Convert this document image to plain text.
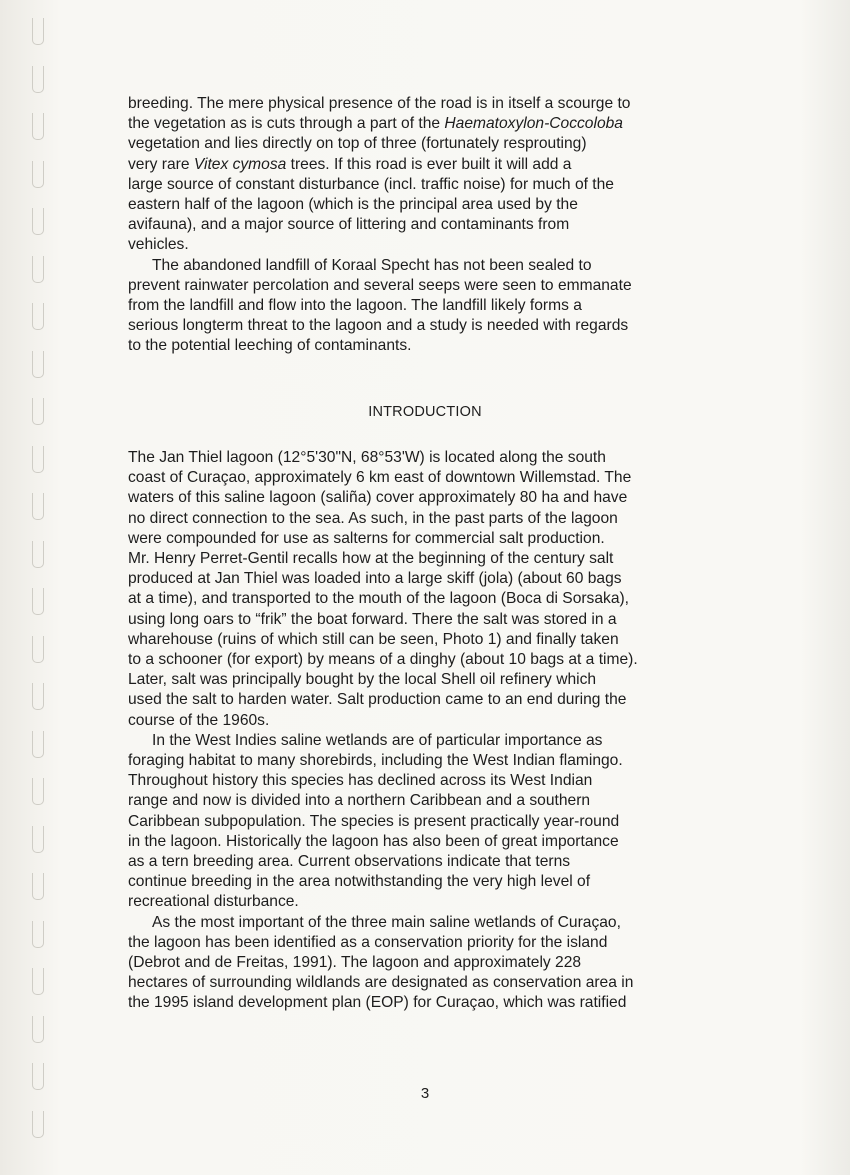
breeding. The mere physical presence of the road is in itself a scourge to
the vegetation as is cuts through a part of the Haematoxylon-Coccoloba
vegetation and lies directly on top of three (fortunately resprouting)
very rare Vitex cymosa trees. If this road is ever built it will add a
large source of constant disturbance (incl. traffic noise) for much of the
eastern half of the lagoon (which is the principal area used by the
avifauna), and a major source of littering and contaminants from
vehicles.
The abandoned landfill of Koraal Specht has not been sealed to
prevent rainwater percolation and several seeps were seen to emmanate
from the landfill and flow into the lagoon. The landfill likely forms a
serious longterm threat to the lagoon and a study is needed with regards
to the potential leeching of contaminants.
INTRODUCTION
The Jan Thiel lagoon (12°5'30"N, 68°53'W) is located along the south
coast of Curaçao, approximately 6 km east of downtown Willemstad. The
waters of this saline lagoon (saliña) cover approximately 80 ha and have
no direct connection to the sea. As such, in the past parts of the lagoon
were compounded for use as salterns for commercial salt production.
Mr. Henry Perret-Gentil recalls how at the beginning of the century salt
produced at Jan Thiel was loaded into a large skiff (jola) (about 60 bags
at a time), and transported to the mouth of the lagoon (Boca di Sorsaka),
using long oars to “frik” the boat forward. There the salt was stored in a
wharehouse (ruins of which still can be seen, Photo 1) and finally taken
to a schooner (for export) by means of a dinghy (about 10 bags at a time).
Later, salt was principally bought by the local Shell oil refinery which
used the salt to harden water. Salt production came to an end during the
course of the 1960s.
In the West Indies saline wetlands are of particular importance as
foraging habitat to many shorebirds, including the West Indian flamingo.
Throughout history this species has declined across its West Indian
range and now is divided into a northern Caribbean and a southern
Caribbean subpopulation. The species is present practically year-round
in the lagoon. Historically the lagoon has also been of great importance
as a tern breeding area. Current observations indicate that terns
continue breeding in the area notwithstanding the very high level of
recreational disturbance.
As the most important of the three main saline wetlands of Curaçao,
the lagoon has been identified as a conservation priority for the island
(Debrot and de Freitas, 1991). The lagoon and approximately 228
hectares of surrounding wildlands are designated as conservation area in
the 1995 island development plan (EOP) for Curaçao, which was ratified
3
